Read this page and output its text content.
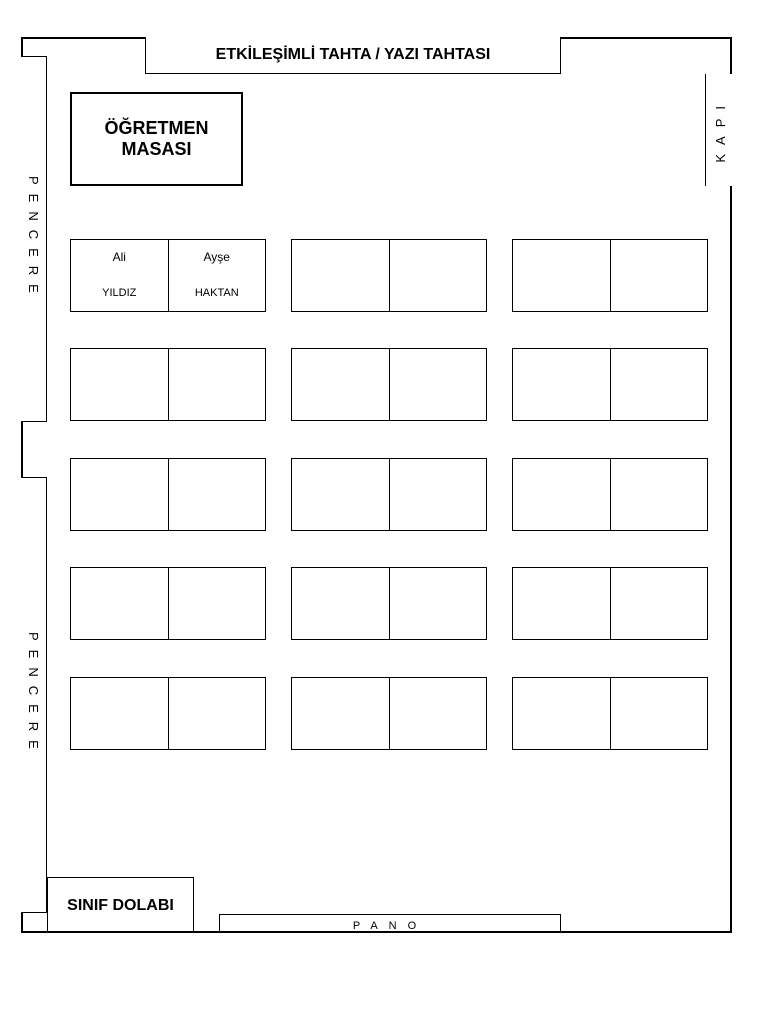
ETKİLEŞİMLİ TAHTA / YAZI TAHTASI
PENCERE
PENCERE
KAPI
ÖĞRETMEN
MASASI
Ali
YILDIZ
Ayşe
HAKTAN
SINIF DOLABI
PANO
